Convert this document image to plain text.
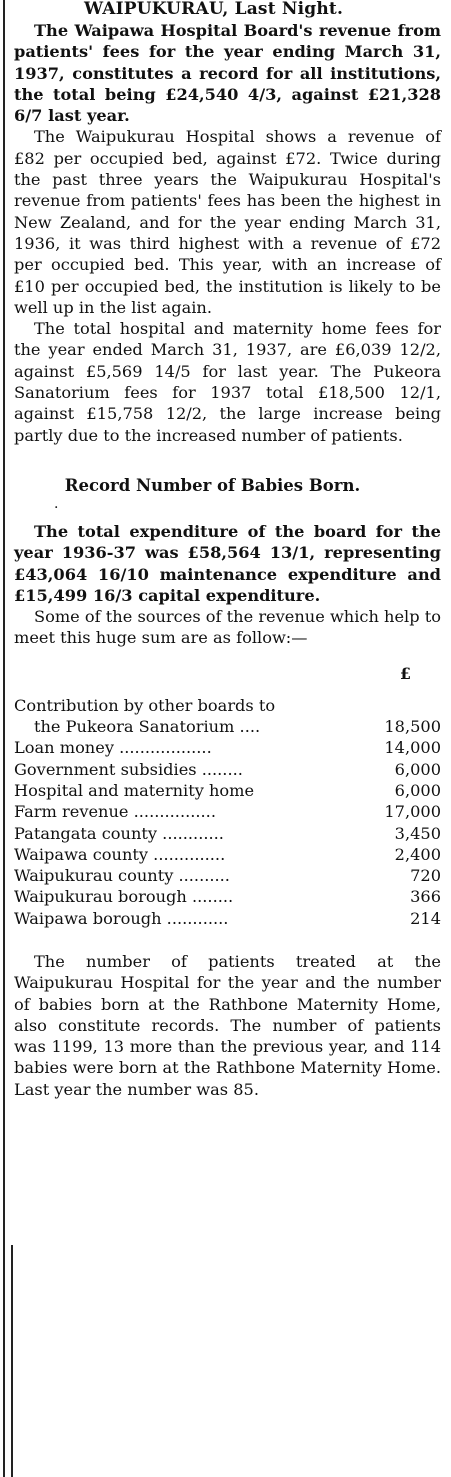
WAIPUKURAU, Last Night.

The Waipawa Hospital Board's revenue from patients' fees for the year ending March 31, 1937, constitutes a record for all institutions, the total being £24,540 4/3, against £21,328 6/7 last year.

The Waipukurau Hospital shows a revenue of £82 per occupied bed, against £72. Twice during the past three years the Waipukurau Hospital's revenue from patients' fees has been the highest in New Zealand, and for the year ending March 31, 1936, it was third highest with a revenue of £72 per occupied bed. This year, with an increase of £10 per occupied bed, the institution is likely to be well up in the list again.

The total hospital and maternity home fees for the year ended March 31, 1937, are £6,039 12/2, against £5,569 14/5 for last year. The Pukeora Sanatorium fees for 1937 total £18,500 12/1, against £15,758 12/2, the large increase being partly due to the increased number of patients.

Record Number of Babies Born.
·

The total expenditure of the board for the year 1936-37 was £58,564 13/1, representing £43,064 16/10 maintenance expenditure and £15,499 16/3 capital expenditure.

Some of the sources of the revenue which help to meet this huge sum are as follow:—

£
Contribution by other boards to	
the Pukeora Sanatorium ....	18,500
Loan money ..................	14,000
Government subsidies ........	6,000
Hospital and maternity home	6,000
Farm revenue ................	17,000
Patangata county ............	3,450
Waipawa county ..............	2,400
Waipukurau county ..........	720
Waipukurau borough ........	366
Waipawa borough ............	214

The number of patients treated at the Waipukurau Hospital for the year and the number of babies born at the Rathbone Maternity Home, also constitute records. The number of patients was 1199, 13 more than the previous year, and 114 babies were born at the Rathbone Maternity Home. Last year the number was 85.
